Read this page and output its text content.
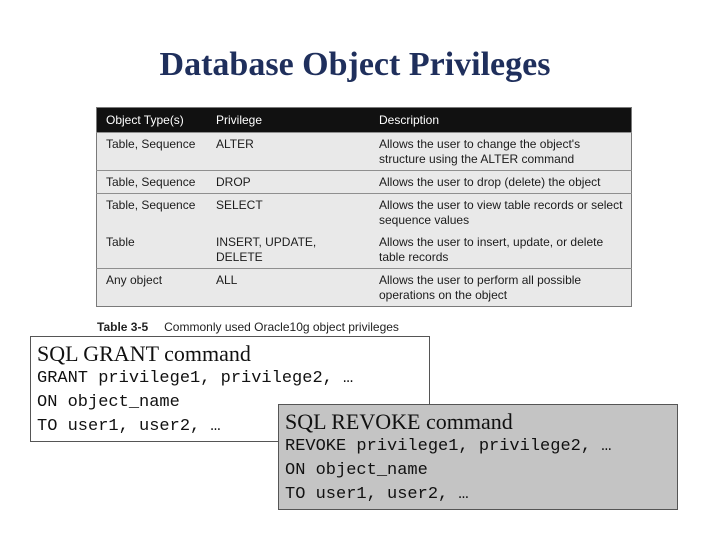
Database Object Privileges
Object Type(s)	Privilege	Description
Table, Sequence	ALTER	Allows the user to change the object's structure using the ALTER command
Table, Sequence	DROP	Allows the user to drop (delete) the object
Table, Sequence	SELECT	Allows the user to view table records or select sequence values
Table	INSERT, UPDATE, DELETE	Allows the user to insert, update, or delete table records
Any object	ALL	Allows the user to perform all possible operations on the object
Table 3-5 Commonly used Oracle10g object privileges
SQL GRANT command
GRANT privilege1, privilege2, …
ON object_name
TO user1, user2, …	SQL REVOKE command
REVOKE privilege1, privilege2, …
ON object_name
TO user1, user2, …
